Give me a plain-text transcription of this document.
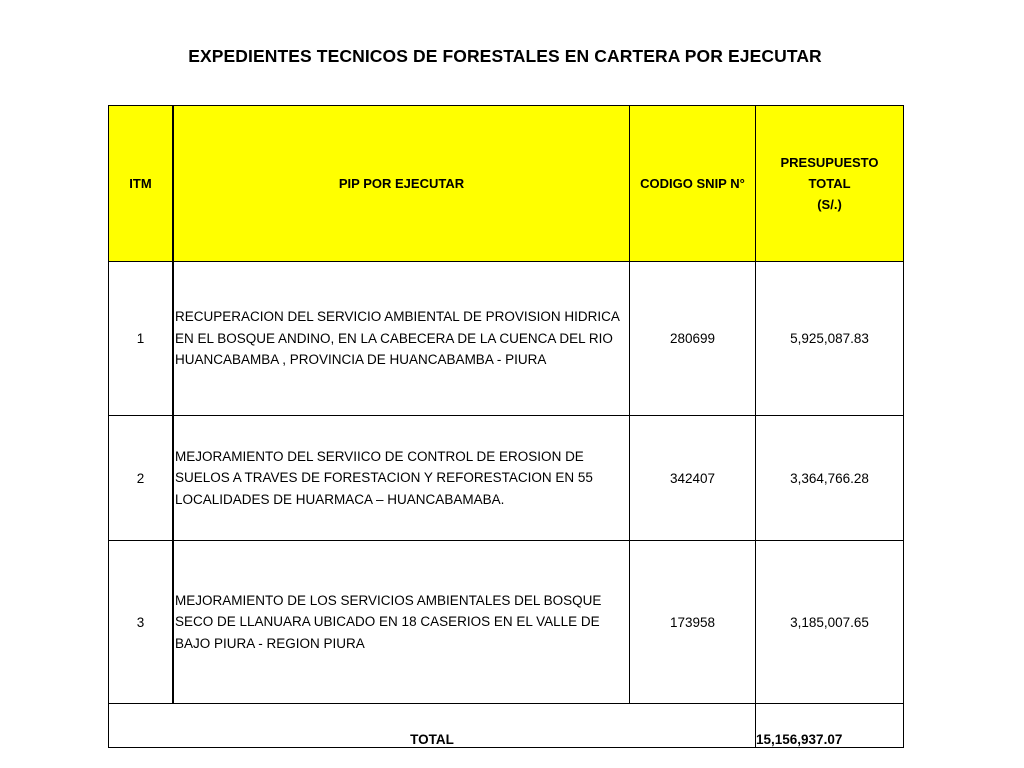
EXPEDIENTES TECNICOS DE FORESTALES EN CARTERA POR EJECUTAR
ITM	PIP POR EJECUTAR	CODIGO SNIP N°	PRESUPUESTO
TOTAL
(S/.)

1	RECUPERACION DEL SERVICIO AMBIENTAL DE PROVISION HIDRICA EN EL BOSQUE ANDINO, EN LA CABECERA DE LA CUENCA DEL RIO HUANCABAMBA , PROVINCIA DE HUANCABAMBA - PIURA	280699	5,925,087.83
2	MEJORAMIENTO DEL SERVIICO DE CONTROL DE EROSION DE SUELOS A TRAVES DE FORESTACION Y REFORESTACION EN 55 LOCALIDADES DE HUARMACA – HUANCABAMABA.	342407	3,364,766.28
3	MEJORAMIENTO DE LOS SERVICIOS AMBIENTALES DEL BOSQUE SECO DE LLANUARA UBICADO EN 18 CASERIOS EN EL VALLE DE BAJO PIURA - REGION PIURA	173958	3,185,007.65
TOTAL			15,156,937.07
